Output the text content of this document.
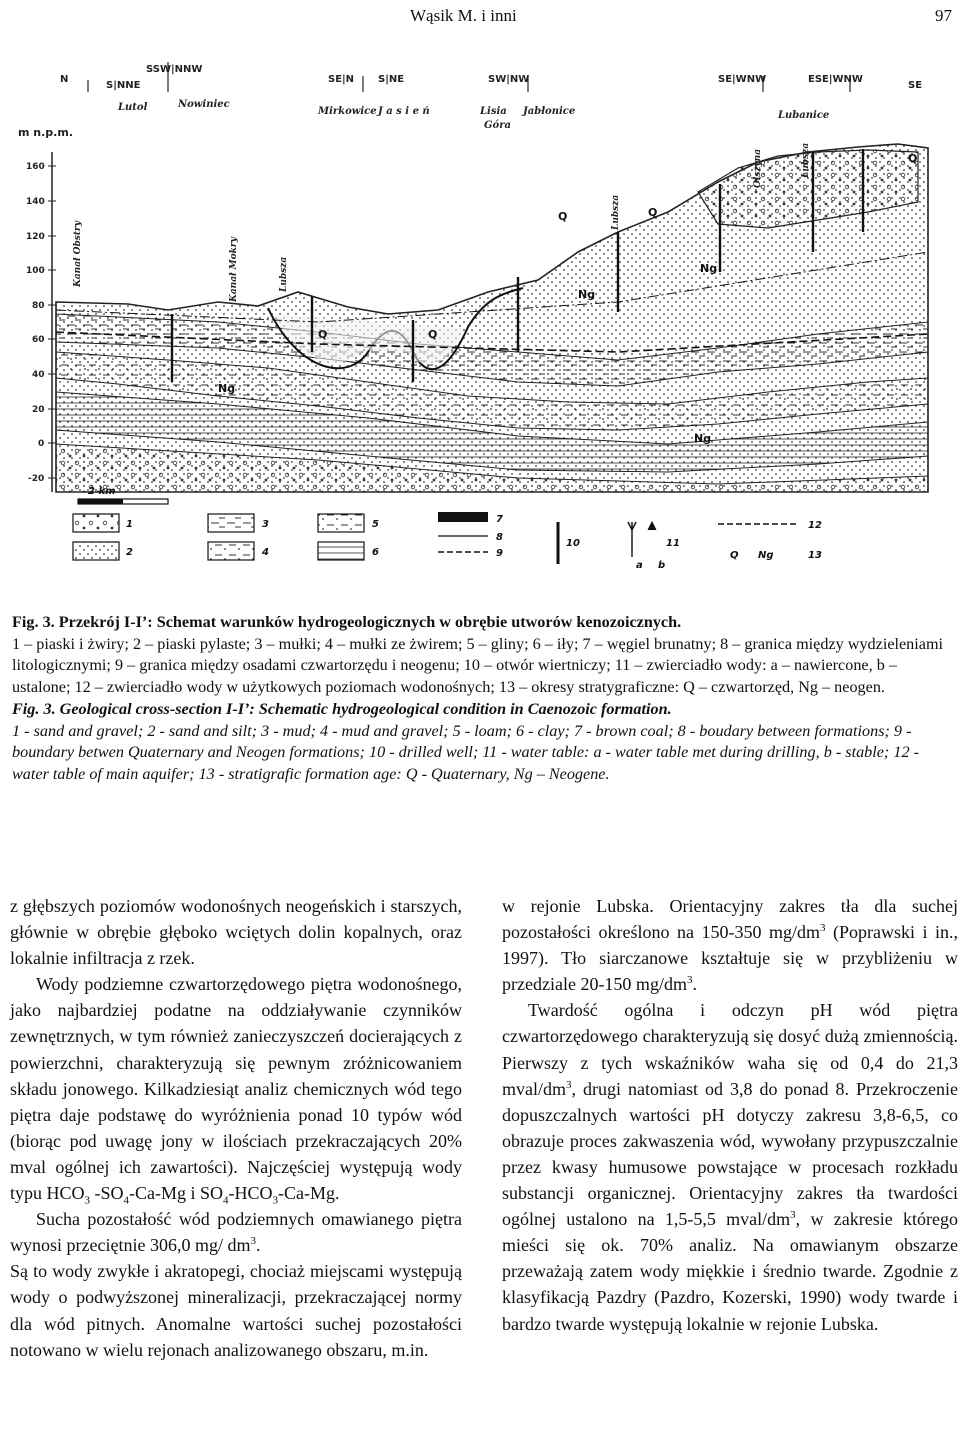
Wąsik M. i inni	97
N
S|NNE
SSW|NNW
SE|N S|NE	SW|NW	SE|WNW	ESE|WNW
SE
Lutol	Nowiniec
Mirkowice J a s i e ń	Lisia
Góra
Jabłonice	Lubanice
m n.p.m.
160
140
120
100
80
60
40
20
0
-20
Kanał Obstry	Kanał Mokry	Lubsza
Lubsza
Olszyna	Lubsza
Q	Q
Q	Q
Q
Ng
Ng
Ng
Ng
2 km
1
2
3
4
5
6
7
8
9
10	11
12
13
a b
Q Ng

Fig. 3. Przekrój I-I’: Schemat warunków hydrogeologicznych w obrębie utworów kenozoicznych.

1 – piaski i żwiry; 2 – piaski pylaste; 3 – mułki; 4 – mułki ze żwirem; 5 – gliny; 6 – iły; 7 – węgiel brunatny; 8 – granica między wydzieleniami litologicznymi; 9 – granica między osadami czwartorzędu i neogenu; 10 – otwór wiertniczy; 11 – zwierciadło wody: a – nawiercone, b – ustalone; 12 – zwierciadło wody w użytkowych poziomach wodonośnych; 13 – okresy stratygraficzne: Q – czwartorzęd, Ng – neogen.

Fig. 3. Geological cross-section I-I’: Schematic hydrogeological condition in Caenozoic formation.

1 - sand and gravel; 2 - sand and silt; 3 - mud; 4 - mud and gravel; 5 - loam; 6 - clay; 7 - brown coal; 8 - boudary between formations; 9 - boundary betwen Quaternary and Neogen formations; 10 - drilled well; 11 - water table: a - water table met during drilling, b - stable; 12 - water table of main aquifer; 13 - stratigrafic formation age: Q - Quaternary, Ng – Neogene.

z głębszych poziomów wodonośnych neogeńskich i starszych, głównie w obrębie głęboko wciętych dolin kopalnych, oraz lokalnie infiltracja z rzek.

Wody podziemne czwartorzędowego piętra wodonośnego, jako najbardziej podatne na oddziaływanie czynników zewnętrznych, w tym również zanieczyszczeń docierających z powierzchni, charakteryzują się pewnym zróżnicowaniem składu jonowego. Kilkadziesiąt analiz chemicznych wód tego piętra daje podstawę do wyróżnienia ponad 10 typów wód (biorąc pod uwagę jony w ilościach przekraczających 20% mval ogólnej ich zawartości). Najczęściej występują wody typu $HCO_3$ $-SO_4-Ca-Mg$ i $SO_4-HCO_3-Ca-Mg$.

Sucha pozostałość wód podziemnych omawianego piętra wynosi przeciętnie 306,0 mg/ $dm^3$.

Są to wody zwykłe i akratopegi, chociaż miejscami występują wody o podwyższonej mineralizacji, przekraczającej normy dla wód pitnych. Anomalne wartości suchej pozostałości notowano w wielu rejonach analizowanego obszaru, m.in.

w rejonie Lubska. Orientacyjny zakres tła dla suchej pozostałości określono na 150-350 $mg/dm^3$ (Poprawski i in., 1997). Tło siarczanowe kształtuje się w przybliżeniu w przedziale 20-150 $mg/dm^3$.

Twardość ogólna i odczyn pH wód piętra czwartorzędowego charakteryzują się dosyć dużą zmiennością. Pierwszy z tych wskaźników waha się od 0,4 do 21,3 mval/$dm^3$, drugi natomiast od 3,8 do ponad 8. Przekroczenie dopuszczalnych wartości pH dotyczy zakresu 3,8-6,5, co obrazuje proces zakwaszenia wód, wywołany przypuszczalnie przez kwasy humusowe powstające w procesach rozkładu substancji organicznej. Orientacyjny zakres tła twardości ogólnej ustalono na 1,5-5,5 mval/$dm^3$, w zakresie którego mieści się ok. 70% analiz. Na omawianym obszarze przeważają zatem wody miękkie i średnio twarde. Zgodnie z klasyfikacją Pazdry (Pazdro, Kozerski, 1990) wody twarde i bardzo twarde występują lokalnie w rejonie Lubska.
